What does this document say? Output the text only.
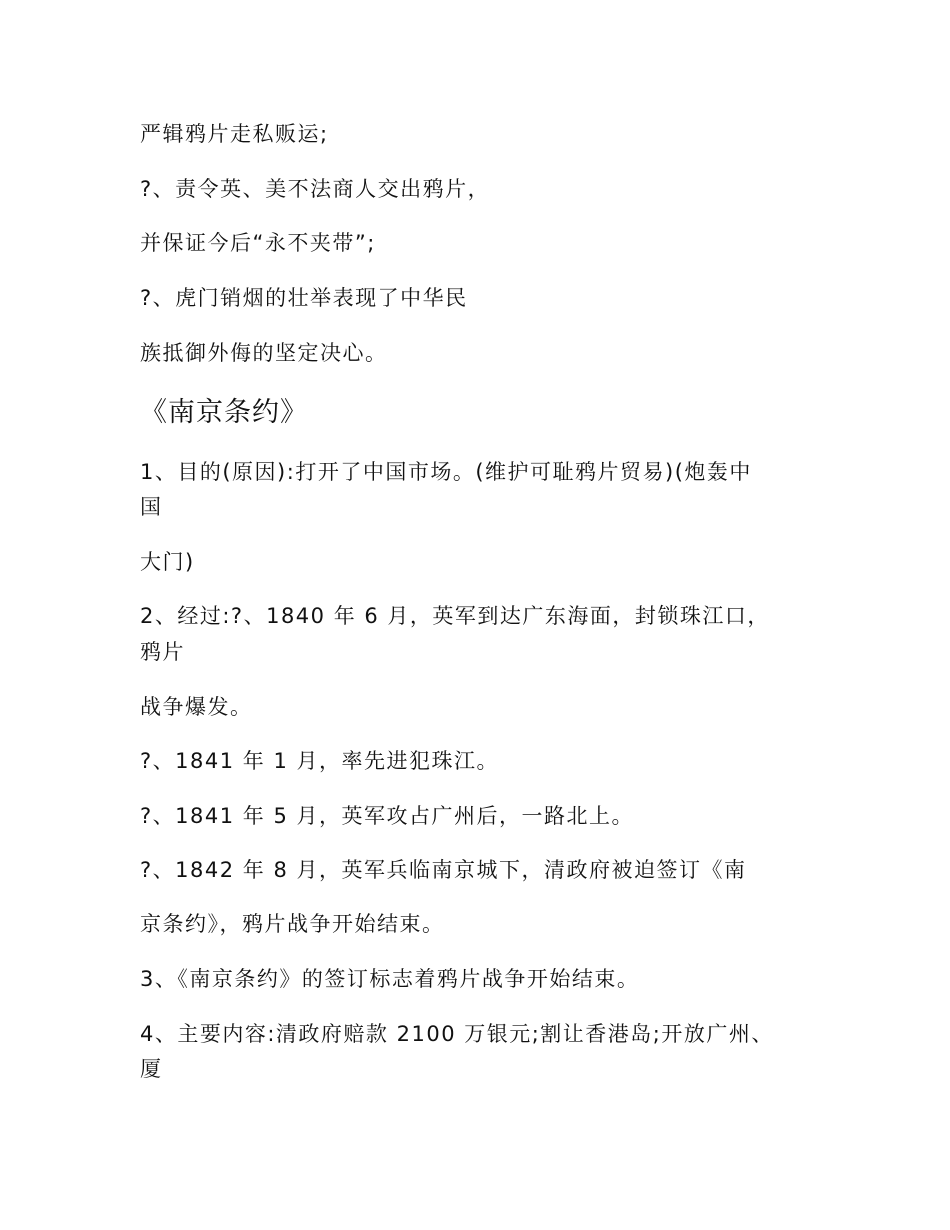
严辑鸦片走私贩运;
?、责令英、美不法商人交出鸦片，
并保证今后“永不夹带”;
?、虎门销烟的壮举表现了中华民
族抵御外侮的坚定决心。
《南京条约》
1、目的(原因):打开了中国市场。(维护可耻鸦片贸易)(炮轰中
国
大门)
2、经过:?、1840 年 6 月，英军到达广东海面，封锁珠江口，
鸦片
战争爆发。
?、1841 年 1 月，率先进犯珠江。
?、1841 年 5 月，英军攻占广州后，一路北上。
?、1842 年 8 月，英军兵临南京城下，清政府被迫签订《南
京条约》，鸦片战争开始结束。
3、《南京条约》的签订标志着鸦片战争开始结束。
4、主要内容:清政府赔款 2100 万银元;割让香港岛;开放广州、
厦
